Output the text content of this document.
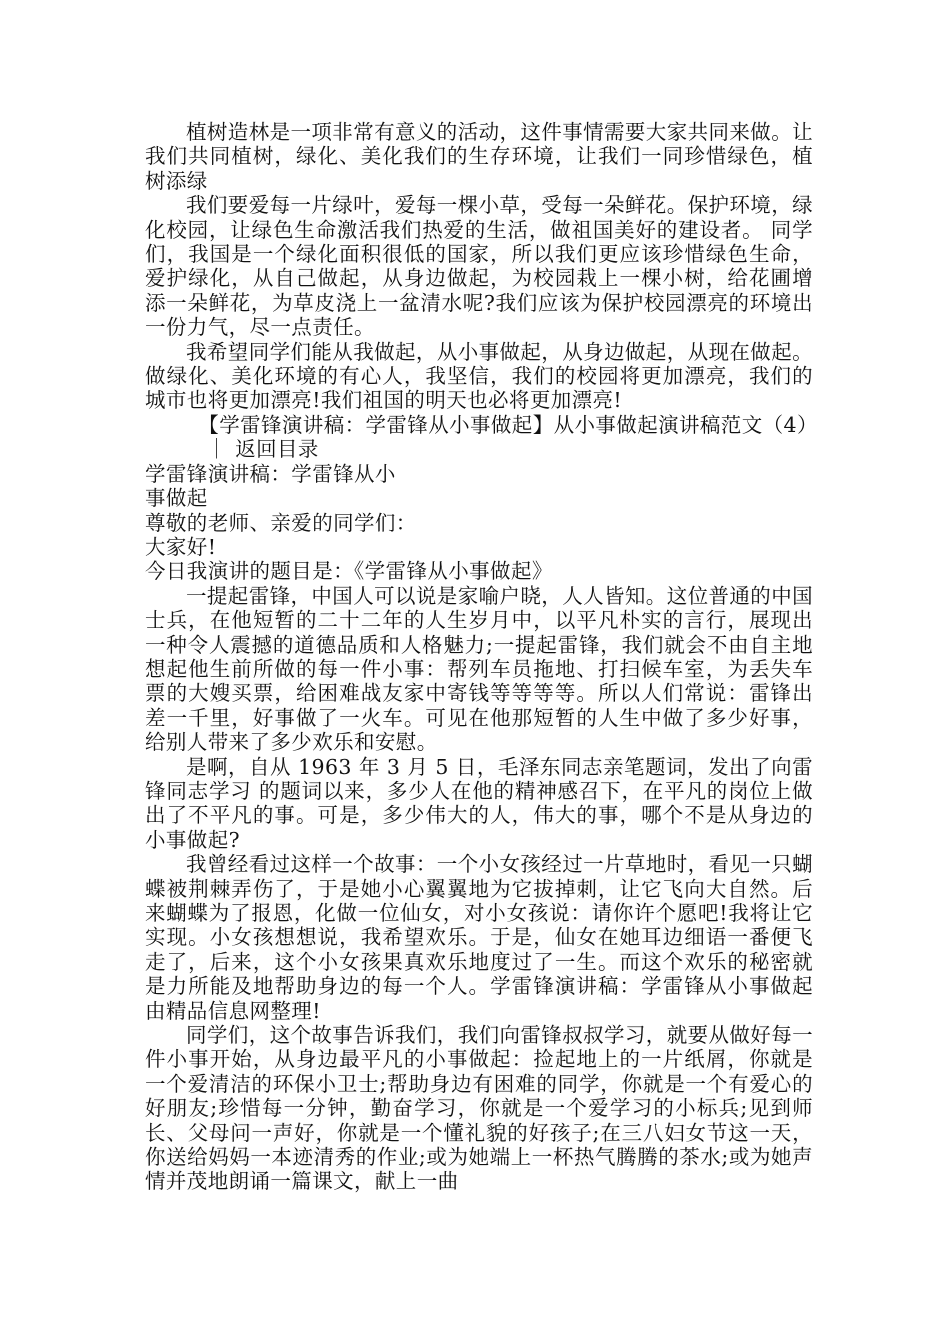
植树造林是一项非常有意义的活动，这件事情需要大家共同来做。让我们共同植树，绿化、美化我们的生存环境，让我们一同珍惜绿色，植树添绿

我们要爱每一片绿叶，爱每一棵小草，受每一朵鲜花。保护环境，绿化校园，让绿色生命激活我们热爱的生活，做祖国美好的建设者。 同学们，我国是一个绿化面积很低的国家，所以我们更应该珍惜绿色生命，爱护绿化，从自己做起，从身边做起，为校园栽上一棵小树，给花圃增添一朵鲜花，为草皮浇上一盆清水呢?我们应该为保护校园漂亮的环境出一份力气，尽一点责任。

我希望同学们能从我做起，从小事做起，从身边做起，从现在做起。做绿化、美化环境的有心人，我坚信，我们的校园将更加漂亮，我们的城市也将更加漂亮!我们祖国的明天也必将更加漂亮!

【学雷锋演讲稿：学雷锋从小事做起】从小事做起演讲稿范文（4）｜ 返回目录

学雷锋演讲稿：学雷锋从小

事做起

尊敬的老师、亲爱的同学们：

大家好!

今日我演讲的题目是：《学雷锋从小事做起》

一提起雷锋，中国人可以说是家喻户晓，人人皆知。这位普通的中国士兵，在他短暂的二十二年的人生岁月中，以平凡朴实的言行，展现出一种令人震撼的道德品质和人格魅力;一提起雷锋，我们就会不由自主地想起他生前所做的每一件小事：帮列车员拖地、打扫候车室，为丢失车票的大嫂买票，给困难战友家中寄钱等等等等。所以人们常说：雷锋出差一千里，好事做了一火车。可见在他那短暂的人生中做了多少好事，给别人带来了多少欢乐和安慰。

是啊，自从 1963 年 3 月 5 日，毛泽东同志亲笔题词，发出了向雷锋同志学习 的题词以来，多少人在他的精神感召下，在平凡的岗位上做出了不平凡的事。可是，多少伟大的人，伟大的事，哪个不是从身边的小事做起?

我曾经看过这样一个故事：一个小女孩经过一片草地时，看见一只蝴蝶被荆棘弄伤了，于是她小心翼翼地为它拔掉刺，让它飞向大自然。后来蝴蝶为了报恩，化做一位仙女，对小女孩说：请你许个愿吧!我将让它实现。小女孩想想说，我希望欢乐。于是，仙女在她耳边细语一番便飞走了，后来，这个小女孩果真欢乐地度过了一生。而这个欢乐的秘密就是力所能及地帮助身边的每一个人。学雷锋演讲稿：学雷锋从小事做起由精品信息网整理!

同学们，这个故事告诉我们，我们向雷锋叔叔学习，就要从做好每一件小事开始，从身边最平凡的小事做起：捡起地上的一片纸屑，你就是一个爱清洁的环保小卫士;帮助身边有困难的同学，你就是一个有爱心的好朋友;珍惜每一分钟，勤奋学习，你就是一个爱学习的小标兵;见到师长、父母问一声好，你就是一个懂礼貌的好孩子;在三八妇女节这一天，你送给妈妈一本迹清秀的作业;或为她端上一杯热气腾腾的茶水;或为她声情并茂地朗诵一篇课文，献上一曲
